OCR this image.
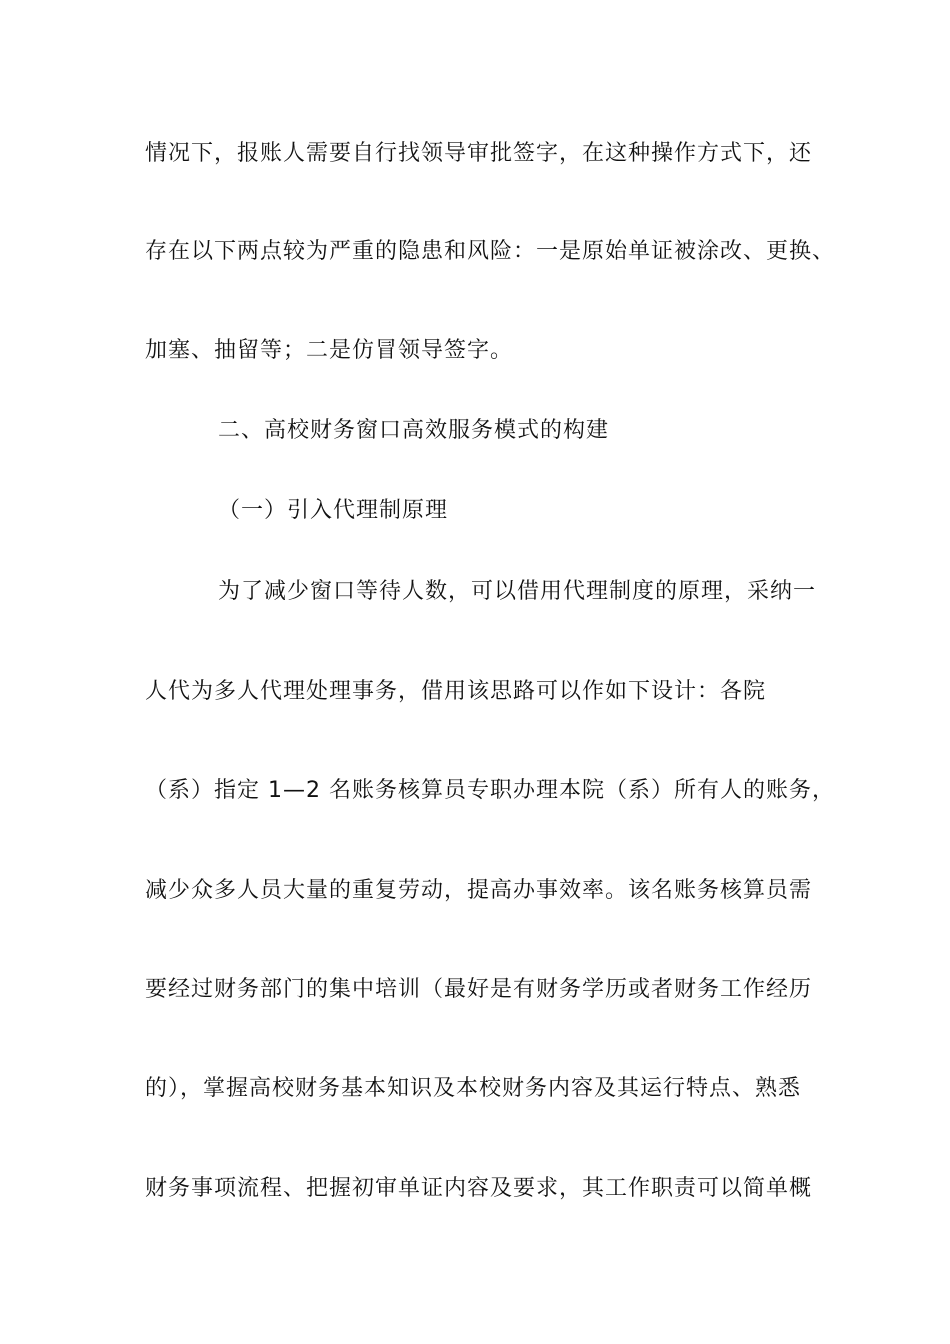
情况下，报账人需要自行找领导审批签字，在这种操作方式下，还
存在以下两点较为严重的隐患和风险：一是原始单证被涂改、更换、
加塞、抽留等；二是仿冒领导签字。
二、高校财务窗口高效服务模式的构建
（一）引入代理制原理
为了减少窗口等待人数，可以借用代理制度的原理，采纳一
人代为多人代理处理事务，借用该思路可以作如下设计：各院
（系）指定 1—2 名账务核算员专职办理本院（系）所有人的账务，
减少众多人员大量的重复劳动，提高办事效率。该名账务核算员需
要经过财务部门的集中培训（最好是有财务学历或者财务工作经历
的），掌握高校财务基本知识及本校财务内容及其运行特点、熟悉
财务事项流程、把握初审单证内容及要求，其工作职责可以简单概
